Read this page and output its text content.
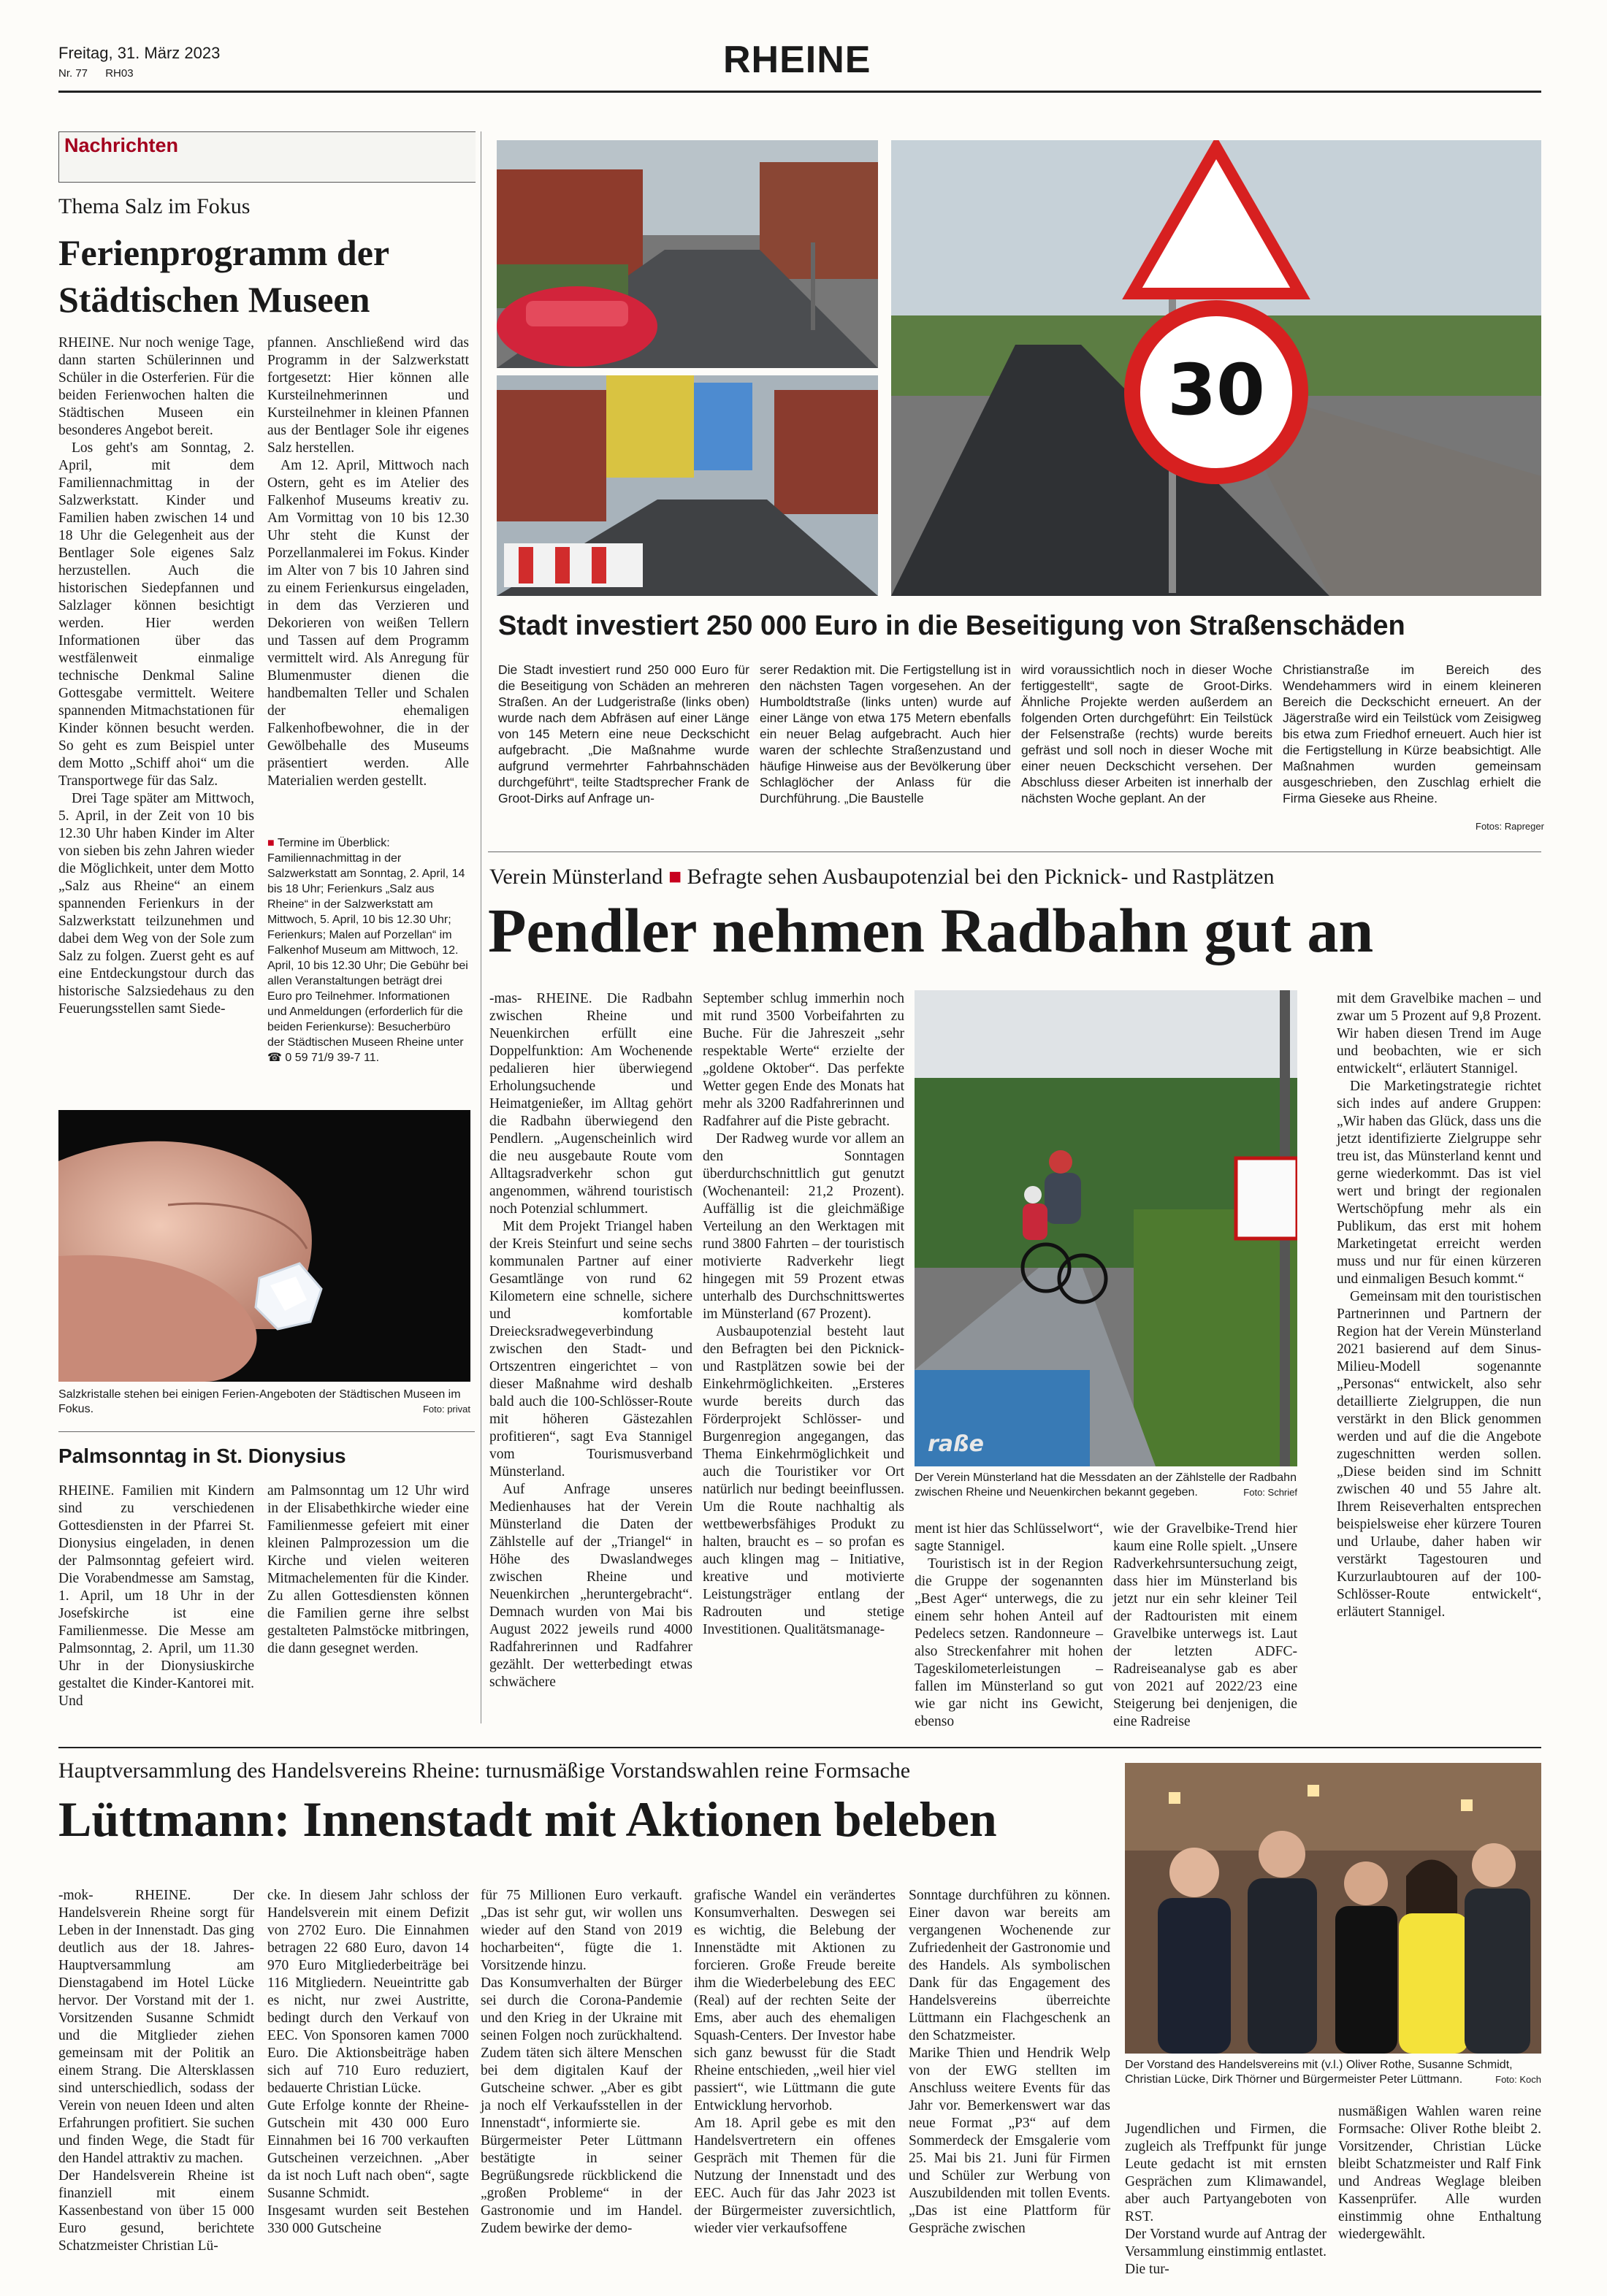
Freitag, 31. März 2023
Nr. 77 RH03	RHEINE
Nachrichten
Thema Salz im Fokus
Ferienprogramm der
Städtischen Museen

RHEINE. Nur noch wenige Tage, dann starten Schülerinnen und Schüler in die Osterferien. Für die beiden Ferienwochen halten die Städtischen Museen ein besonderes Angebot bereit.

Los geht's am Sonntag, 2. April, mit dem Familiennachmittag in der Salzwerkstatt. Kinder und Familien haben zwischen 14 und 18 Uhr die Gelegenheit aus der Bentlager Sole eigenes Salz herzustellen. Auch die historischen Siedepfannen und Salzlager können besichtigt werden. Hier werden Informationen über das westfälenweit einmalige technische Denkmal Saline Gottesgabe vermittelt. Weitere spannenden Mitmachstationen für Kinder können besucht werden. So geht es zum Beispiel unter dem Motto „Schiff ahoi“ um die Transportwege für das Salz.

Drei Tage später am Mittwoch, 5. April, in der Zeit von 10 bis 12.30 Uhr haben Kinder im Alter von sieben bis zehn Jahren wieder die Möglichkeit, unter dem Motto „Salz aus Rheine“ an einem spannenden Ferienkurs in der Salzwerkstatt teilzunehmen und dabei dem Weg von der Sole zum Salz zu folgen. Zuerst geht es auf eine Entdeckungstour durch das historische Salzsiedehaus zu den Feuerungsstellen samt Siede-

pfannen. Anschließend wird das Programm in der Salzwerkstatt fortgesetzt: Hier können alle Kursteilnehmerinnen und Kursteilnehmer in kleinen Pfannen aus der Bentlager Sole ihr eigenes Salz herstellen.

Am 12. April, Mittwoch nach Ostern, geht es im Atelier des Falkenhof Museums kreativ zu. Am Vormittag von 10 bis 12.30 Uhr steht die Kunst der Porzellanmalerei im Fokus. Kinder im Alter von 7 bis 10 Jahren sind zu einem Ferienkursus eingeladen, in dem das Verzieren und Dekorieren von weißen Tellern und Tassen auf dem Programm vermittelt wird. Als Anregung für Blumenmuster dienen die handbemalten Teller und Schalen der ehemaligen Falkenhofbewohner, die in der Gewölbehalle des Museums präsentiert werden. Alle Materialien werden gestellt.

■ Termine im Überblick: Familiennachmittag in der Salzwerkstatt am Sonntag, 2. April, 14 bis 18 Uhr; Ferienkurs „Salz aus Rheine“ in der Salzwerkstatt am Mittwoch, 5. April, 10 bis 12.30 Uhr; Ferienkurs; Malen auf Porzellan“ im Falkenhof Museum am Mittwoch, 12. April, 10 bis 12.30 Uhr; Die Gebühr bei allen Veranstaltungen beträgt drei Euro pro Teilnehmer. Informationen und Anmeldungen (erforderlich für die beiden Ferienkurse): Besucherbüro der Städtischen Museen Rheine unter ☎ 0 59 71/9 39-7 11.
Salzkristalle stehen bei einigen Ferien-Angeboten der Städtischen Museen im Fokus.	Foto: privat
Palmsonntag in St. Dionysius

RHEINE. Familien mit Kindern sind zu verschiedenen Gottesdiensten in der Pfarrei St. Dionysius eingeladen, in denen der Palmsonntag gefeiert wird. Die Vorabendmesse am Samstag, 1. April, um 18 Uhr in der Josefskirche ist eine Familienmesse. Die Messe am Palmsonntag, 2. April, um 11.30 Uhr in der Dionysiuskirche gestaltet die Kinder-Kantorei mit. Und

am Palmsonntag um 12 Uhr wird in der Elisabethkirche wieder eine Familienmesse gefeiert mit einer kleinen Palmprozession um die Kirche und vielen weiteren Mitmachelementen für die Kinder. Zu allen Gottesdiensten können die Familien gerne ihre selbst gestalteten Palmstöcke mitbringen, die dann gesegnet werden.

30
Stadt investiert 250 000 Euro in die Beseitigung von Straßenschäden

Die Stadt investiert rund 250 000 Euro für die Beseitigung von Schäden an mehreren Straßen. An der Ludgeristraße (links oben) wurde nach dem Abfräsen auf einer Länge von 145 Metern eine neue Deckschicht aufgebracht. „Die Maßnahme wurde aufgrund vermehrter Fahrbahnschäden durchgeführt“, teilte Stadtsprecher Frank de Groot-Dirks auf Anfrage un-

serer Redaktion mit. Die Fertigstellung ist in den nächsten Tagen vorgesehen. An der Humboldtstraße (links unten) wurde auf einer Länge von etwa 175 Metern ebenfalls ein neuer Belag aufgebracht. Auch hier waren der schlechte Straßenzustand und häufige Hinweise aus der Bevölkerung über Schlaglöcher der Anlass für die Durchführung. „Die Baustelle

wird voraussichtlich noch in dieser Woche fertiggestellt“, sagte de Groot-Dirks. Ähnliche Projekte werden außerdem an folgenden Orten durchgeführt: Ein Teilstück der Felsenstraße (rechts) wurde bereits gefräst und soll noch in dieser Woche mit einer neuen Deckschicht versehen. Der Abschluss dieser Arbeiten ist innerhalb der nächsten Woche geplant. An der

Christianstraße im Bereich des Wendehammers wird in einem kleineren Bereich die Deckschicht erneuert. An der Jägerstraße wird ein Teilstück vom Zeisigweg bis etwa zum Friedhof erneuert. Auch hier ist die Fertigstellung in Kürze beabsichtigt. Alle Maßnahmen wurden gemeinsam ausgeschrieben, den Zuschlag erhielt die Firma Gieseke aus Rheine.

Fotos: Rapreger
Verein Münsterland ■ Befragte sehen Ausbaupotenzial bei den Picknick- und Rastplätzen
Pendler nehmen Radbahn gut an

-mas- RHEINE. Die Radbahn zwischen Rheine und Neuenkirchen erfüllt eine Doppelfunktion: Am Wochenende pedalieren hier überwiegend Erholungsuchende und Heimatgenießer, im Alltag gehört die Radbahn überwiegend den Pendlern. „Augenscheinlich wird die neu ausgebaute Route vom Alltagsradverkehr schon gut angenommen, während touristisch noch Potenzial schlummert.

Mit dem Projekt Triangel haben der Kreis Steinfurt und seine sechs kommunalen Partner auf einer Gesamtlänge von rund 62 Kilometern eine schnelle, sichere und komfortable Dreiecksradwegeverbindung zwischen den Stadt- und Ortszentren eingerichtet – von dieser Maßnahme wird deshalb bald auch die 100-Schlösser-Route mit höheren Gästezahlen profitieren“, sagt Eva Stannigel vom Tourismusverband Münsterland.

Auf Anfrage unseres Medienhauses hat der Verein Münsterland die Daten der Zählstelle auf der „Triangel“ in Höhe des Dwaslandweges zwischen Rheine und Neuenkirchen „heruntergebracht“. Demnach wurden von Mai bis August 2022 jeweils rund 4000 Radfahrerinnen und Radfahrer gezählt. Der wetterbedingt etwas schwächere

September schlug immerhin noch mit rund 3500 Vorbeifahrten zu Buche. Für die Jahreszeit „sehr respektable Werte“ erzielte der „goldene Oktober“. Das perfekte Wetter gegen Ende des Monats hat mehr als 3200 Radfahrerinnen und Radfahrer auf die Piste gebracht.

Der Radweg wurde vor allem an den Sonntagen überdurchschnittlich gut genutzt (Wochenanteil: 21,2 Prozent). Auffällig ist die gleichmäßige Verteilung an den Werktagen mit rund 3800 Fahrten – der touristisch motivierte Radverkehr liegt hingegen mit 59 Prozent etwas unterhalb des Durchschnittswertes im Münsterland (67 Prozent).

Ausbaupotenzial besteht laut den Befragten bei den Picknick- und Rastplätzen sowie bei der Einkehrmöglichkeiten. „Ersteres wurde bereits durch das Förderprojekt Schlösser- und Burgenregion angegangen, das Thema Einkehrmöglichkeit und auch die Touristiker vor Ort natürlich nur bedingt beeinflussen. Um die Route nachhaltig als wettbewerbsfähiges Produkt zu halten, braucht es – so profan es auch klingen mag – Initiative, kreative und motivierte Leistungsträger entlang der Radrouten und stetige Investitionen. Qualitätsmanage-

raße
Der Verein Münsterland hat die Messdaten an der Zählstelle der Radbahn zwischen Rheine und Neuenkirchen bekannt gegeben.	Foto: Schrief

ment ist hier das Schlüsselwort“, sagte Stannigel.

Touristisch ist in der Region die Gruppe der sogenannten „Best Ager“ unterwegs, die zu einem sehr hohen Anteil auf Pedelecs setzen. Randonneure – also Streckenfahrer mit hohen Tageskilometerleistungen – fallen im Münsterland so gut wie gar nicht ins Gewicht, ebenso

wie der Gravelbike-Trend hier kaum eine Rolle spielt. „Unsere Radverkehrsuntersuchung zeigt, dass hier im Münsterland bis jetzt nur ein sehr kleiner Teil der Radtouristen mit einem Gravelbike unterwegs ist. Laut der letzten ADFC-Radreiseanalyse gab es aber von 2021 auf 2022/23 eine Steigerung bei denjenigen, die eine Radreise

mit dem Gravelbike machen – und zwar um 5 Prozent auf 9,8 Prozent. Wir haben diesen Trend im Auge und beobachten, wie er sich entwickelt“, erläutert Stannigel.

Die Marketingstrategie richtet sich indes auf andere Gruppen: „Wir haben das Glück, dass uns die jetzt identifizierte Zielgruppe sehr treu ist, das Münsterland kennt und gerne wiederkommt. Das ist viel wert und bringt der regionalen Wertschöpfung mehr als ein Publikum, das erst mit hohem Marketingetat erreicht werden muss und nur für einen kürzeren und einmaligen Besuch kommt.“

Gemeinsam mit den touristischen Partnerinnen und Partnern der Region hat der Verein Münsterland 2021 basierend auf dem Sinus-Milieu-Modell sogenannte „Personas“ entwickelt, also sehr detaillierte Zielgruppen, die nun verstärkt in den Blick genommen werden und auf die die Angebote zugeschnitten werden sollen. „Diese beiden sind im Schnitt zwischen 40 und 55 Jahre alt. Ihrem Reiseverhalten entsprechen beispielsweise eher kürzere Touren und Urlaube, daher haben wir verstärkt Tagestouren und Kurzurlaubtouren auf der 100-Schlösser-Route entwickelt“, erläutert Stannigel.

Hauptversammlung des Handelsvereins Rheine: turnusmäßige Vorstandswahlen reine Formsache
Lüttmann: Innenstadt mit Aktionen beleben

-mok- RHEINE. Der Handelsverein Rheine sorgt für Leben in der Innenstadt. Das ging deutlich aus der 18. Jahres-Hauptversammlung am Dienstagabend im Hotel Lücke hervor. Der Vorstand mit der 1. Vorsitzenden Susanne Schmidt und die Mitglieder ziehen gemeinsam mit der Politik an einem Strang. Die Altersklassen sind unterschiedlich, sodass der Verein von neuen Ideen und alten Erfahrungen profitiert. Sie suchen und finden Wege, die Stadt für den Handel attraktiv zu machen.
Der Handelsverein Rheine ist finanziell mit einem Kassenbestand von über 15 000 Euro gesund, berichtete Schatzmeister Christian Lü-

cke. In diesem Jahr schloss der Handelsverein mit einem Defizit von 2702 Euro. Die Einnahmen betragen 22 680 Euro, davon 14 970 Euro Mitgliederbeiträge bei 116 Mitgliedern. Neueintritte gab es nicht, nur zwei Austritte, bedingt durch den Verkauf von EEC. Von Sponsoren kamen 7000 Euro. Die Aktionsbeiträge haben sich auf 710 Euro reduziert, bedauerte Christian Lücke.
Gute Erfolge konnte der Rheine-Gutschein mit 430 000 Euro Einnahmen bei 16 700 verkauften Gutscheinen verzeichnen. „Aber da ist noch Luft nach oben“, sagte Susanne Schmidt.
Insgesamt wurden seit Bestehen 330 000 Gutscheine

für 75 Millionen Euro verkauft. „Das ist sehr gut, wir wollen uns wieder auf den Stand von 2019 hocharbeiten“, fügte die 1. Vorsitzende hinzu.
Das Konsumverhalten der Bürger sei durch die Corona-Pandemie und den Krieg in der Ukraine mit seinen Folgen noch zurückhaltend. Zudem täten sich ältere Menschen bei dem digitalen Kauf der Gutscheine schwer. „Aber es gibt ja noch elf Verkaufsstellen in der Innenstadt“, informierte sie.
Bürgermeister Peter Lüttmann bestätigte in seiner Begrüßungsrede rückblickend die „großen Probleme“ in der Gastronomie und im Handel. Zudem bewirke der demo-

grafische Wandel ein verändertes Konsumverhalten. Deswegen sei es wichtig, die Belebung der Innenstädte mit Aktionen zu forcieren. Große Freude bereite ihm die Wiederbelebung des EEC (Real) auf der rechten Seite der Ems, aber auch des ehemaligen Squash-Centers. Der Investor habe sich ganz bewusst für die Stadt Rheine entschieden, „weil hier viel passiert“, wie Lüttmann die gute Entwicklung hervorhob.
Am 18. April gebe es mit den Handelsvertretern ein offenes Gespräch mit Themen für die Nutzung der Innenstadt und des EEC. Auch für das Jahr 2023 ist der Bürgermeister zuversichtlich, wieder vier verkaufsoffene

Sonntage durchführen zu können. Einer davon war bereits am vergangenen Wochenende zur Zufriedenheit der Gastronomie und des Handels. Als symbolischen Dank für das Engagement des Handelsvereins überreichte Lüttmann ein Flachgeschenk an den Schatzmeister.
Marike Thien und Hendrik Welp von der EWG stellten im Anschluss weitere Events für das Jahr vor. Bemerkenswert war das neue Format „P3“ auf dem Sommerdeck der Emsgalerie vom 25. Mai bis 21. Juni für Firmen und Schüler zur Werbung von Auszubildenden mit tollen Events. „Das ist eine Plattform für Gespräche zwischen

Der Vorstand des Handelsvereins mit (v.l.) Oliver Rothe, Susanne Schmidt, Christian Lücke, Dirk Thörner und Bürgermeister Peter Lüttmann.	Foto: Koch

Jugendlichen und Firmen, die zugleich als Treffpunkt für junge Leute gedacht ist mit ernsten Gesprächen zum Klimawandel, aber auch Partyangeboten von RST.
Der Vorstand wurde auf Antrag der Versammlung einstimmig entlastet. Die tur-

nusmäßigen Wahlen waren reine Formsache: Oliver Rothe bleibt 2. Vorsitzender, Christian Lücke bleibt Schatzmeister und Ralf Fink und Andreas Weglage bleiben Kassenprüfer. Alle wurden einstimmig ohne Enthaltung wiedergewählt.
